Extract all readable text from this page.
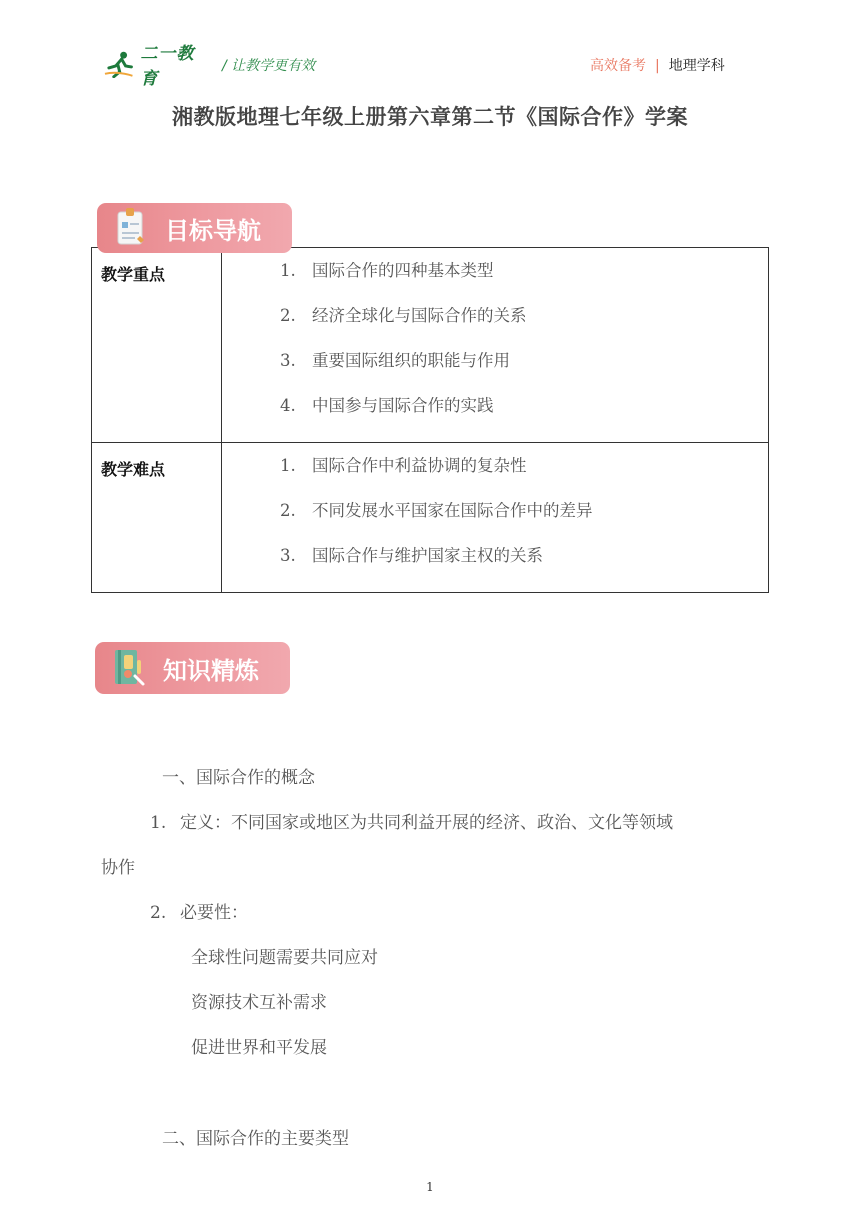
二一教育
/ 让教学更有效	高效备考 | 地理学科
湘教版地理七年级上册第六章第二节《国际合作》学案
目标导航
教学重点	1. 国际合作的四种基本类型
2. 经济全球化与国际合作的关系
3. 重要国际组织的职能与作用
4. 中国参与国际合作的实践

教学难点	1. 国际合作中利益协调的复杂性
2. 不同发展水平国家在国际合作中的差异
3. 国际合作与维护国家主权的关系
知识精炼
一、国际合作的概念
1. 定义：不同国家或地区为共同利益开展的经济、政治、文化等领域
协作
2. 必要性：
全球性问题需要共同应对
资源技术互补需求
促进世界和平发展
二、国际合作的主要类型
1
